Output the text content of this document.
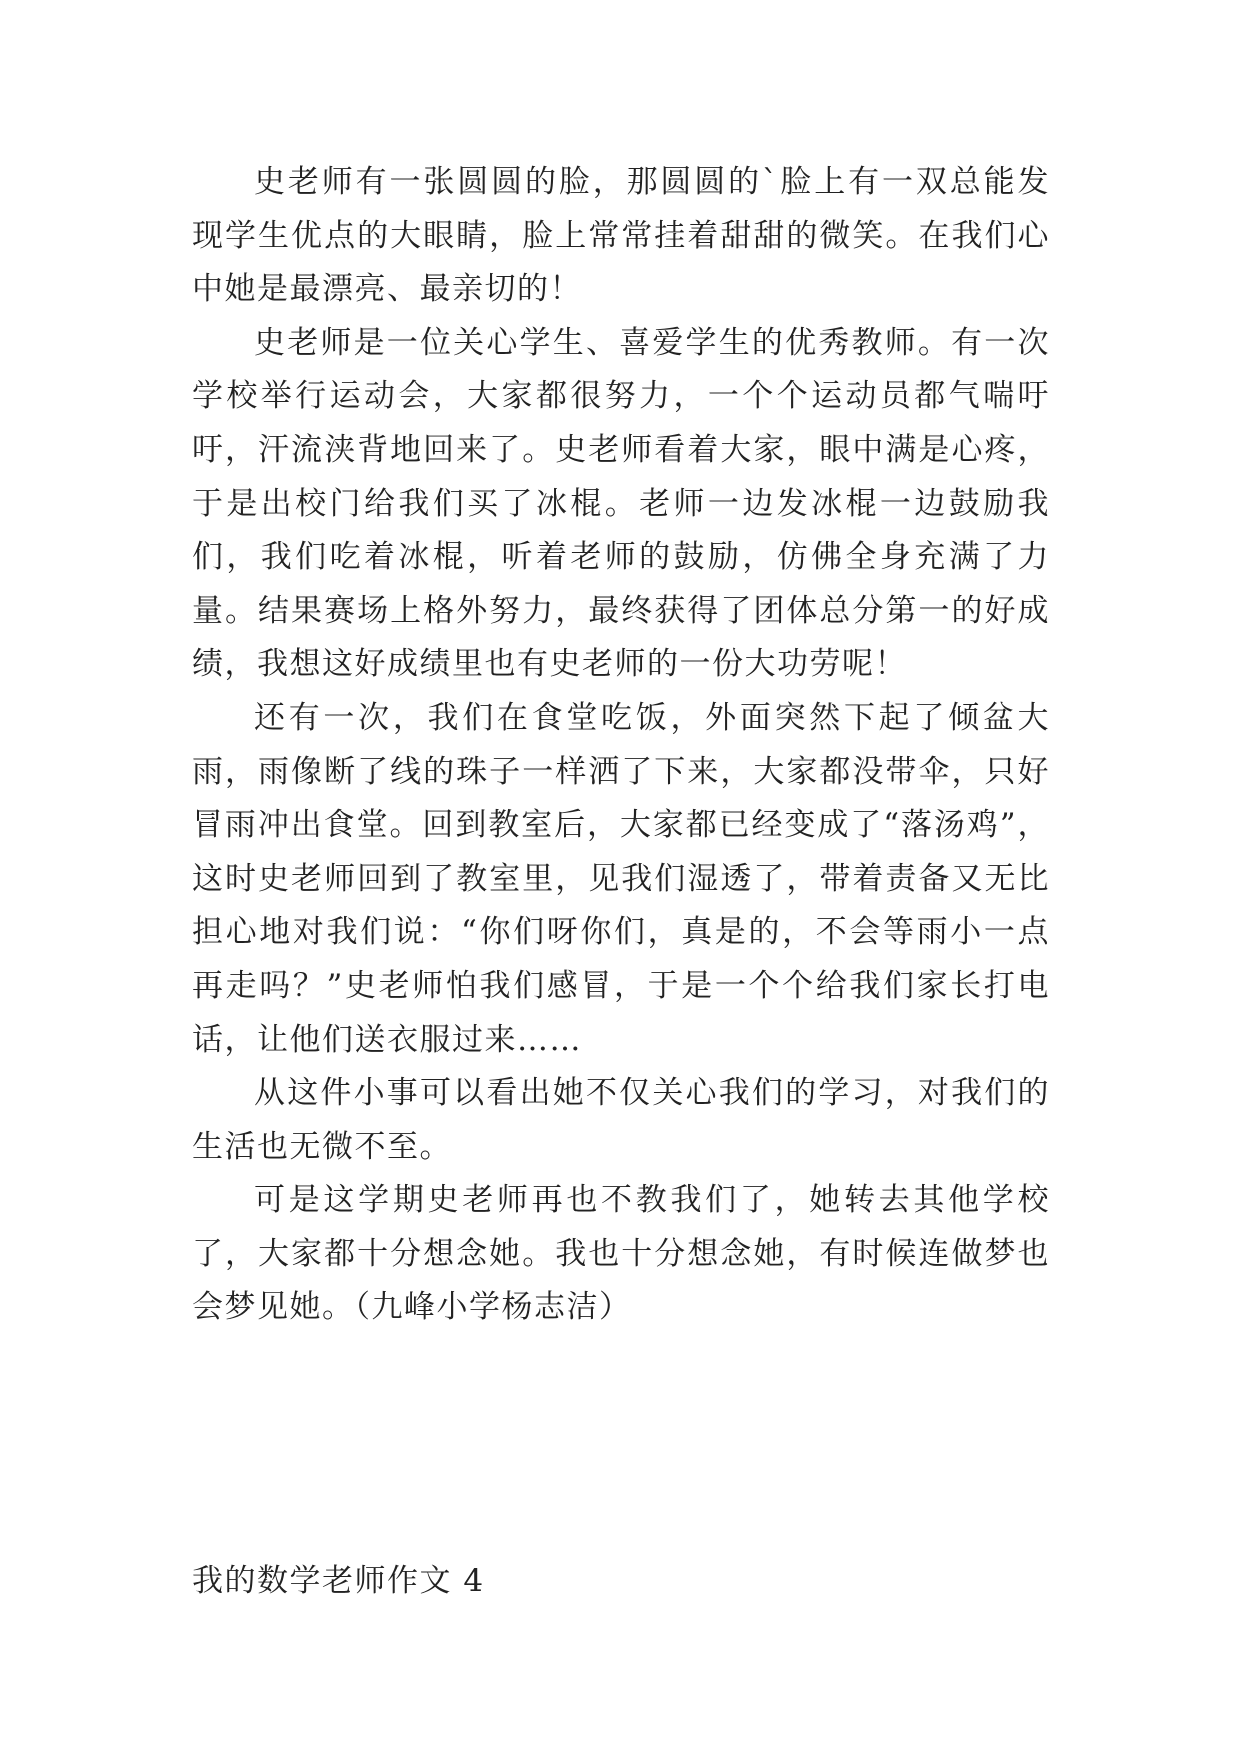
史老师有一张圆圆的脸，那圆圆的`脸上有一双总能发现学生优点的大眼睛，脸上常常挂着甜甜的微笑。在我们心中她是最漂亮、最亲切的！

史老师是一位关心学生、喜爱学生的优秀教师。有一次学校举行运动会，大家都很努力，一个个运动员都气喘吁吁，汗流浃背地回来了。史老师看着大家，眼中满是心疼，于是出校门给我们买了冰棍。老师一边发冰棍一边鼓励我们，我们吃着冰棍，听着老师的鼓励，仿佛全身充满了力量。结果赛场上格外努力，最终获得了团体总分第一的好成绩，我想这好成绩里也有史老师的一份大功劳呢！

还有一次，我们在食堂吃饭，外面突然下起了倾盆大雨，雨像断了线的珠子一样洒了下来，大家都没带伞，只好冒雨冲出食堂。回到教室后，大家都已经变成了“落汤鸡”，这时史老师回到了教室里，见我们湿透了，带着责备又无比担心地对我们说：“你们呀你们，真是的，不会等雨小一点再走吗？”史老师怕我们感冒，于是一个个给我们家长打电话，让他们送衣服过来……

从这件小事可以看出她不仅关心我们的学习，对我们的生活也无微不至。

可是这学期史老师再也不教我们了，她转去其他学校了，大家都十分想念她。我也十分想念她，有时候连做梦也会梦见她。（九峰小学杨志洁）

我的数学老师作文 4
